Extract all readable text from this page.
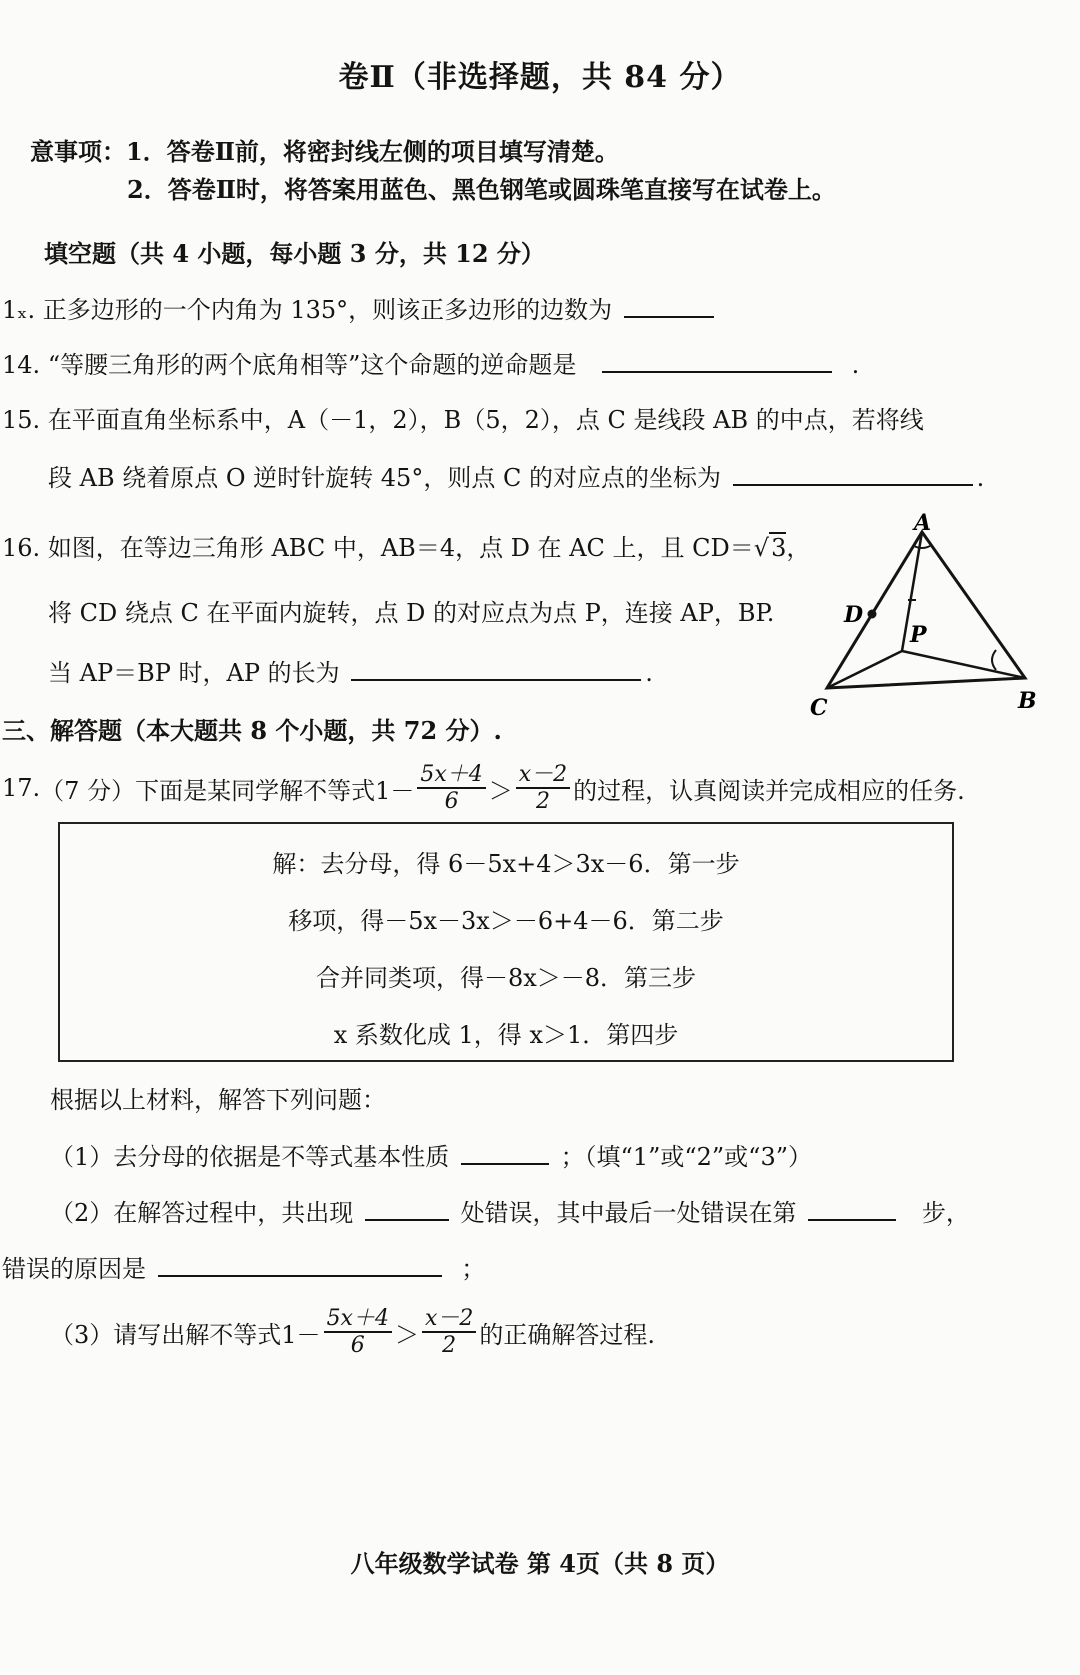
卷Ⅱ（非选择题，共 84 分）
意事项：1．答卷Ⅱ前，将密封线左侧的项目填写清楚。
2．答卷Ⅱ时，将答案用蓝色、黑色钢笔或圆珠笔直接写在试卷上。
填空题（共 4 小题，每小题 3 分，共 12 分）
1ₓ. 正多边形的一个内角为 135°，则该正多边形的边数为
14. “等腰三角形的两个底角相等”这个命题的逆命题是	.
15. 在平面直角坐标系中，A（－1，2），B（5，2），点 C 是线段 AB 的中点，若将线
段 AB 绕着原点 O 逆时针旋转 45°，则点 C 的对应点的坐标为	.
16. 如图，在等边三角形 ABC 中，AB＝4，点 D 在 AC 上，且 CD＝√3，
将 CD 绕点 C 在平面内旋转，点 D 的对应点为点 P，连接 AP，BP.
当 AP＝BP 时，AP 的长为	.
A
B
C
D
P
三、解答题（本大题共 8 个小题，共 72 分）.
17. （7 分）下面是某同学解不等式 $1- \frac{5x+4}{6} > \frac{x-2}{2}$ 的过程，认真阅读并完成相应的任务.
解：去分母，得 6－5x+4＞3x－6．第一步
移项，得－5x－3x＞－6+4－6．第二步
合并同类项，得－8x＞－8．第三步
x 系数化成 1，得 x＞1．第四步
根据以上材料，解答下列问题：
（1）去分母的依据是不等式基本性质	；（填“1”或“2”或“3”）
（2）在解答过程中，共出现	处错误，其中最后一处错误在第	步，
错误的原因是	；
（3）请写出解不等式 $1- \frac{5x+4}{6} > \frac{x-2}{2}$ 的正确解答过程.
八年级数学试卷 第 4页（共 8 页）
